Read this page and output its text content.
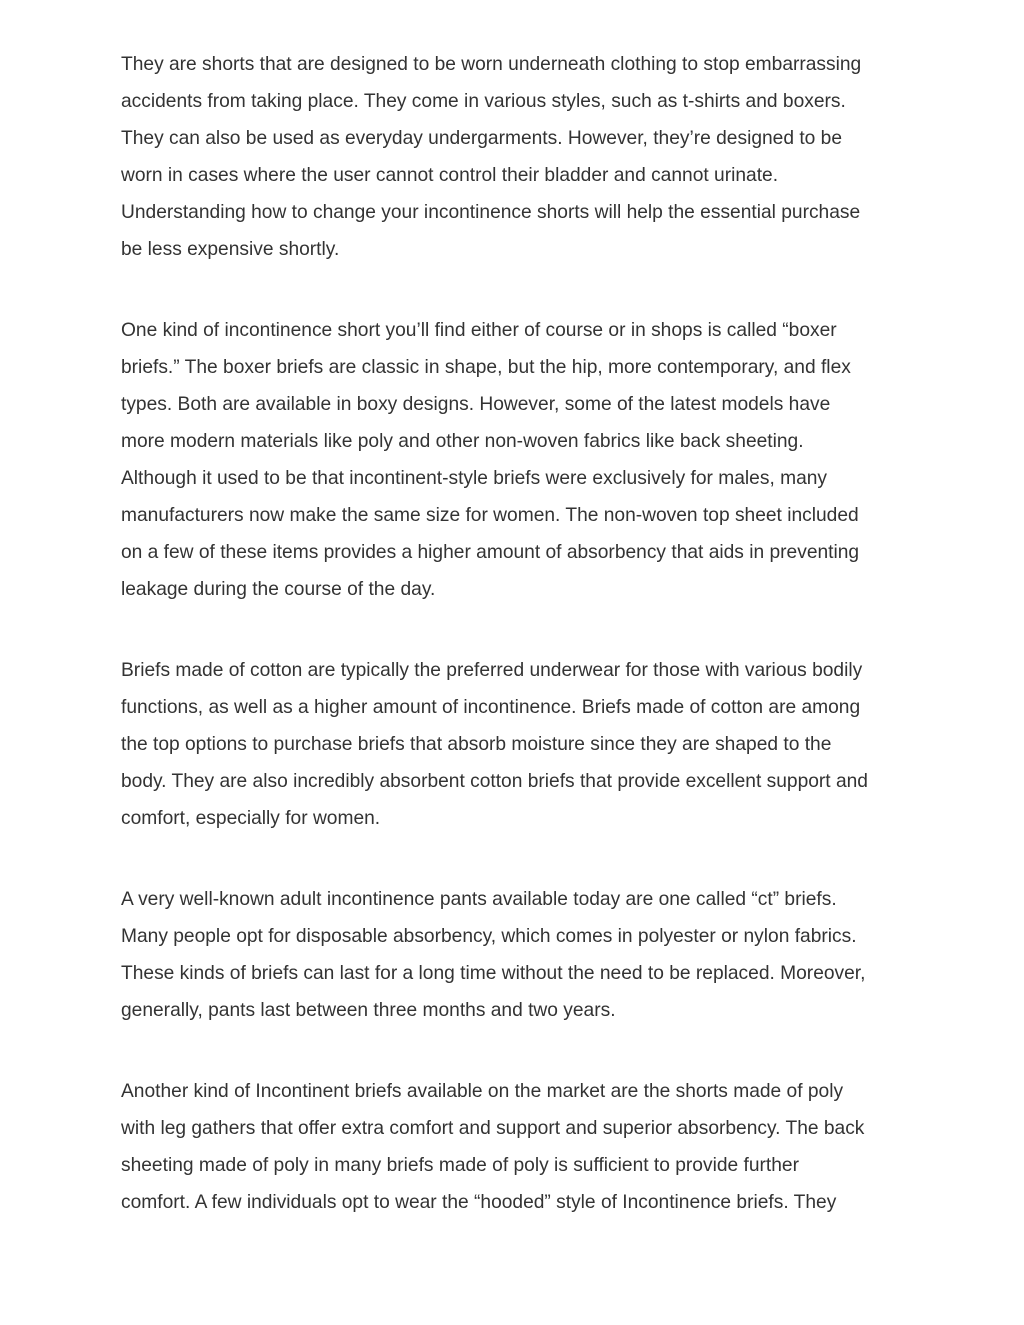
They are shorts that are designed to be worn underneath clothing to stop embarrassing
accidents from taking place. They come in various styles, such as t-shirts and boxers.
They can also be used as everyday undergarments. However, they’re designed to be
worn in cases where the user cannot control their bladder and cannot urinate.
Understanding how to change your incontinence shorts will help the essential purchase
be less expensive shortly.

One kind of incontinence short you’ll find either of course or in shops is called “boxer
briefs.” The boxer briefs are classic in shape, but the hip, more contemporary, and flex
types. Both are available in boxy designs. However, some of the latest models have
more modern materials like poly and other non-woven fabrics like back sheeting.
Although it used to be that incontinent-style briefs were exclusively for males, many
manufacturers now make the same size for women. The non-woven top sheet included
on a few of these items provides a higher amount of absorbency that aids in preventing
leakage during the course of the day.

Briefs made of cotton are typically the preferred underwear for those with various bodily
functions, as well as a higher amount of incontinence. Briefs made of cotton are among
the top options to purchase briefs that absorb moisture since they are shaped to the
body. They are also incredibly absorbent cotton briefs that provide excellent support and
comfort, especially for women.

A very well-known adult incontinence pants available today are one called “ct” briefs.
Many people opt for disposable absorbency, which comes in polyester or nylon fabrics.
These kinds of briefs can last for a long time without the need to be replaced. Moreover,
generally, pants last between three months and two years.

Another kind of Incontinent briefs available on the market are the shorts made of poly
with leg gathers that offer extra comfort and support and superior absorbency. The back
sheeting made of poly in many briefs made of poly is sufficient to provide further
comfort. A few individuals opt to wear the “hooded” style of Incontinence briefs. They
